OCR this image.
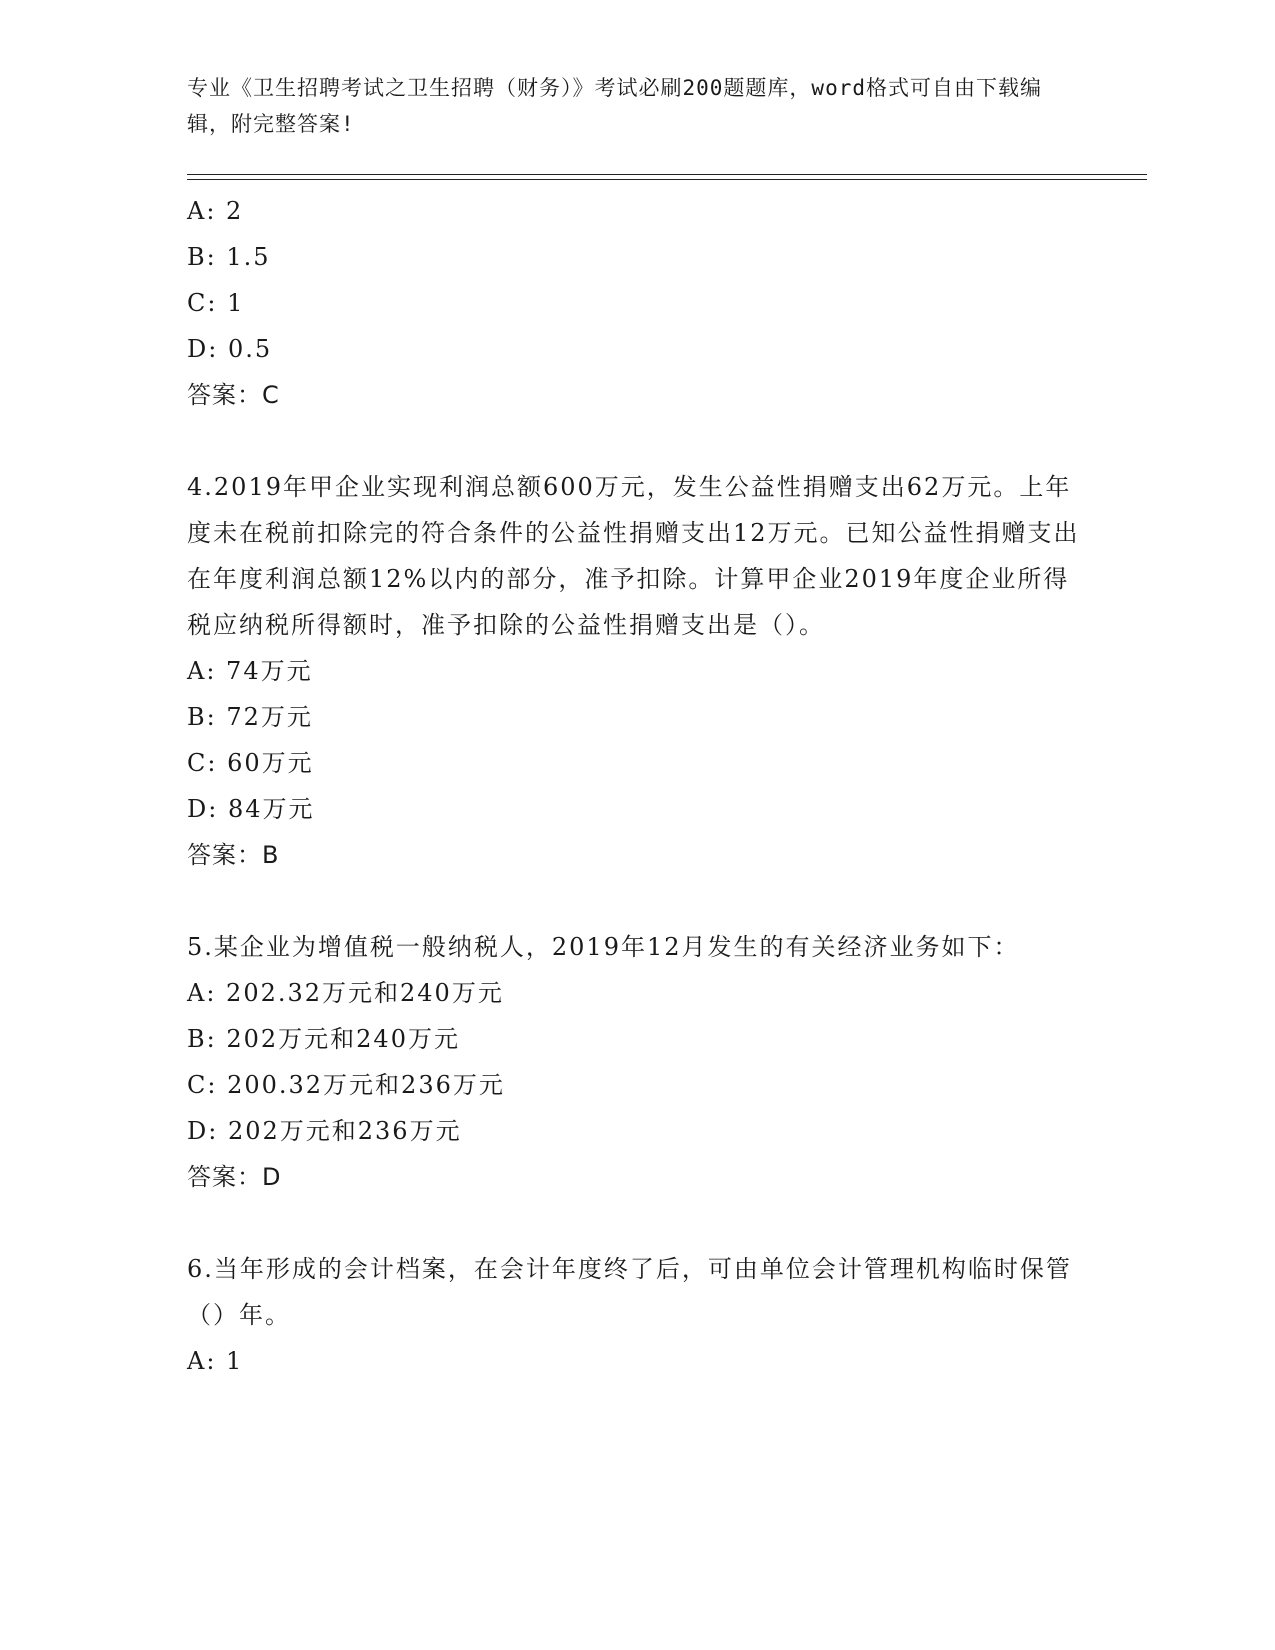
专业《卫生招聘考试之卫生招聘（财务）》考试必刷200题题库，word格式可自由下载编辑，附完整答案!
A: 2
B: 1.5
C: 1
D: 0.5
答案：C
4.2019年甲企业实现利润总额600万元，发生公益性捐赠支出62万元。上年度未在税前扣除完的符合条件的公益性捐赠支出12万元。已知公益性捐赠支出在年度利润总额12%以内的部分，准予扣除。计算甲企业2019年度企业所得税应纳税所得额时，准予扣除的公益性捐赠支出是（）。
A: 74万元
B: 72万元
C: 60万元
D: 84万元
答案：B
5.某企业为增值税一般纳税人，2019年12月发生的有关经济业务如下：
A: 202.32万元和240万元
B: 202万元和240万元
C: 200.32万元和236万元
D: 202万元和236万元
答案：D
6.当年形成的会计档案，在会计年度终了后，可由单位会计管理机构临时保管（）年。
A: 1
